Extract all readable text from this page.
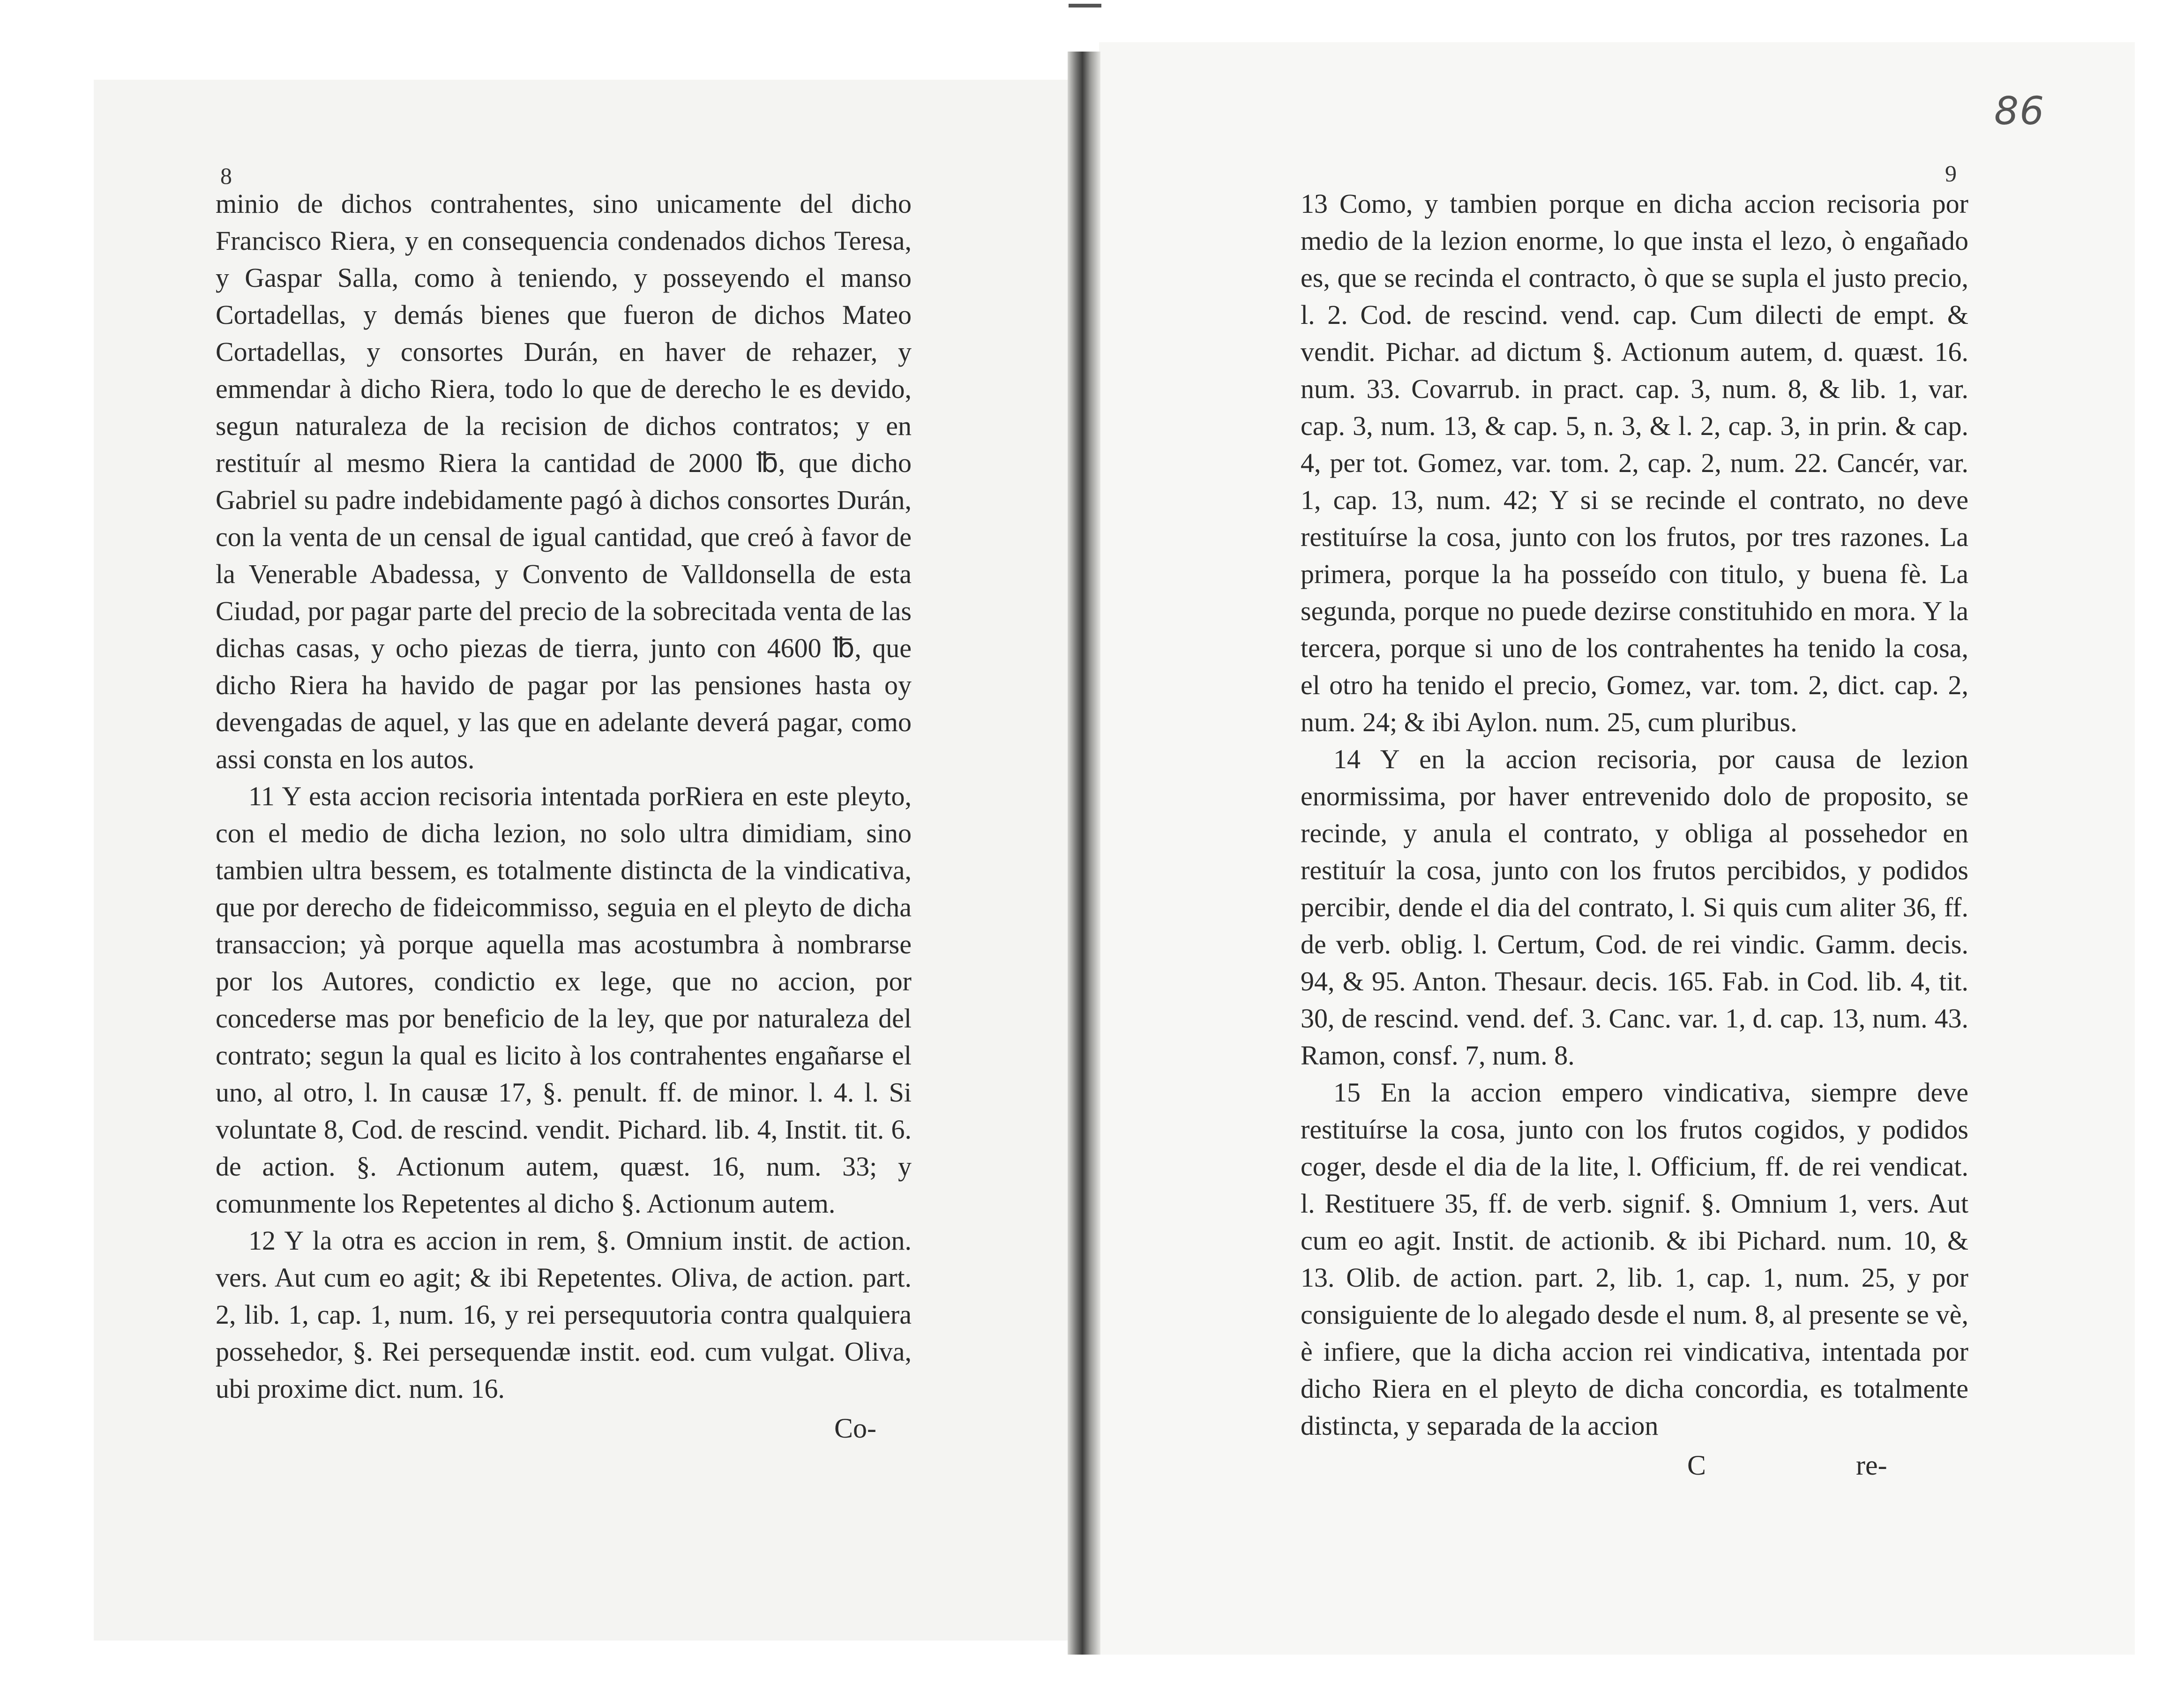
86
8	9

minio de dichos contrahentes, sino unicamente del dicho Francisco Riera, y en consequencia condenados dichos Teresa, y Gaspar Salla, como à teniendo, y posseyendo el manso Cortadellas, y demás bienes que fueron de dichos Mateo Cortadellas, y consortes Durán, en haver de rehazer, y emmendar à dicho Riera, todo lo que de derecho le es devido, segun naturaleza de la recision de dichos contratos; y en restituír al mesmo Riera la cantidad de 2000 ℔, que dicho Gabriel su padre indebidamente pagó à dichos consortes Durán, con la venta de un censal de igual cantidad, que creó à favor de la Venerable Abadessa, y Convento de Valldonsella de esta Ciudad, por pagar parte del precio de la sobrecitada venta de las dichas casas, y ocho piezas de tierra, junto con 4600 ℔, que dicho Riera ha havido de pagar por las pensiones hasta oy devengadas de aquel, y las que en adelante deverá pagar, como assi consta en los autos.

11 Y esta accion recisoria intentada porRiera en este pleyto, con el medio de dicha lezion, no solo ultra dimidiam, sino tambien ultra bessem, es totalmente distincta de la vindicativa, que por derecho de fideicommisso, seguia en el pleyto de dicha transaccion; yà porque aquella mas acostumbra à nombrarse por los Autores, condictio ex lege, que no accion, por concederse mas por beneficio de la ley, que por naturaleza del contrato; segun la qual es licito à los contrahentes engañarse el uno, al otro, l. In causæ 17, §. penult. ff. de minor. l. 4. l. Si voluntate 8, Cod. de rescind. vendit. Pichard. lib. 4, Instit. tit. 6. de action. §. Actionum autem, quæst. 16, num. 33; y comunmente los Repetentes al dicho §. Actionum autem.

12 Y la otra es accion in rem, §. Omnium instit. de action. vers. Aut cum eo agit; & ibi Repetentes. Oliva, de action. part. 2, lib. 1, cap. 1, num. 16, y rei persequutoria contra qualquiera possehedor, §. Rei persequendæ instit. eod. cum vulgat. Oliva, ubi proxime dict. num. 16.

13 Como, y tambien porque en dicha accion recisoria por medio de la lezion enorme, lo que insta el lezo, ò engañado es, que se recinda el contracto, ò que se supla el justo precio, l. 2. Cod. de rescind. vend. cap. Cum dilecti de empt. & vendit. Pichar. ad dictum §. Actionum autem, d. quæst. 16. num. 33. Covarrub. in pract. cap. 3, num. 8, & lib. 1, var. cap. 3, num. 13, & cap. 5, n. 3, & l. 2, cap. 3, in prin. & cap. 4, per tot. Gomez, var. tom. 2, cap. 2, num. 22. Cancér, var. 1, cap. 13, num. 42; Y si se recinde el contrato, no deve restituírse la cosa, junto con los frutos, por tres razones. La primera, porque la ha posseído con titulo, y buena fè. La segunda, porque no puede dezirse constituhido en mora. Y la tercera, porque si uno de los contrahentes ha tenido la cosa, el otro ha tenido el precio, Gomez, var. tom. 2, dict. cap. 2, num. 24; & ibi Aylon. num. 25, cum pluribus.

14 Y en la accion recisoria, por causa de lezion enormissima, por haver entrevenido dolo de proposito, se recinde, y anula el contrato, y obliga al possehedor en restituír la cosa, junto con los frutos percibidos, y podidos percibir, dende el dia del contrato, l. Si quis cum aliter 36, ff. de verb. oblig. l. Certum, Cod. de rei vindic. Gamm. decis. 94, & 95. Anton. Thesaur. decis. 165. Fab. in Cod. lib. 4, tit. 30, de rescind. vend. def. 3. Canc. var. 1, d. cap. 13, num. 43. Ramon, consf. 7, num. 8.

15 En la accion empero vindicativa, siempre deve restituírse la cosa, junto con los frutos cogidos, y podidos coger, desde el dia de la lite, l. Officium, ff. de rei vendicat. l. Restituere 35, ff. de verb. signif. §. Omnium 1, vers. Aut cum eo agit. Instit. de actionib. & ibi Pichard. num. 10, & 13. Olib. de action. part. 2, lib. 1, cap. 1, num. 25, y por consiguiente de lo alegado desde el num. 8, al presente se vè, è infiere, que la dicha accion rei vindicativa, intentada por dicho Riera en el pleyto de dicha concordia, es totalmente distincta, y separada de la accion

Co-
C	re-
